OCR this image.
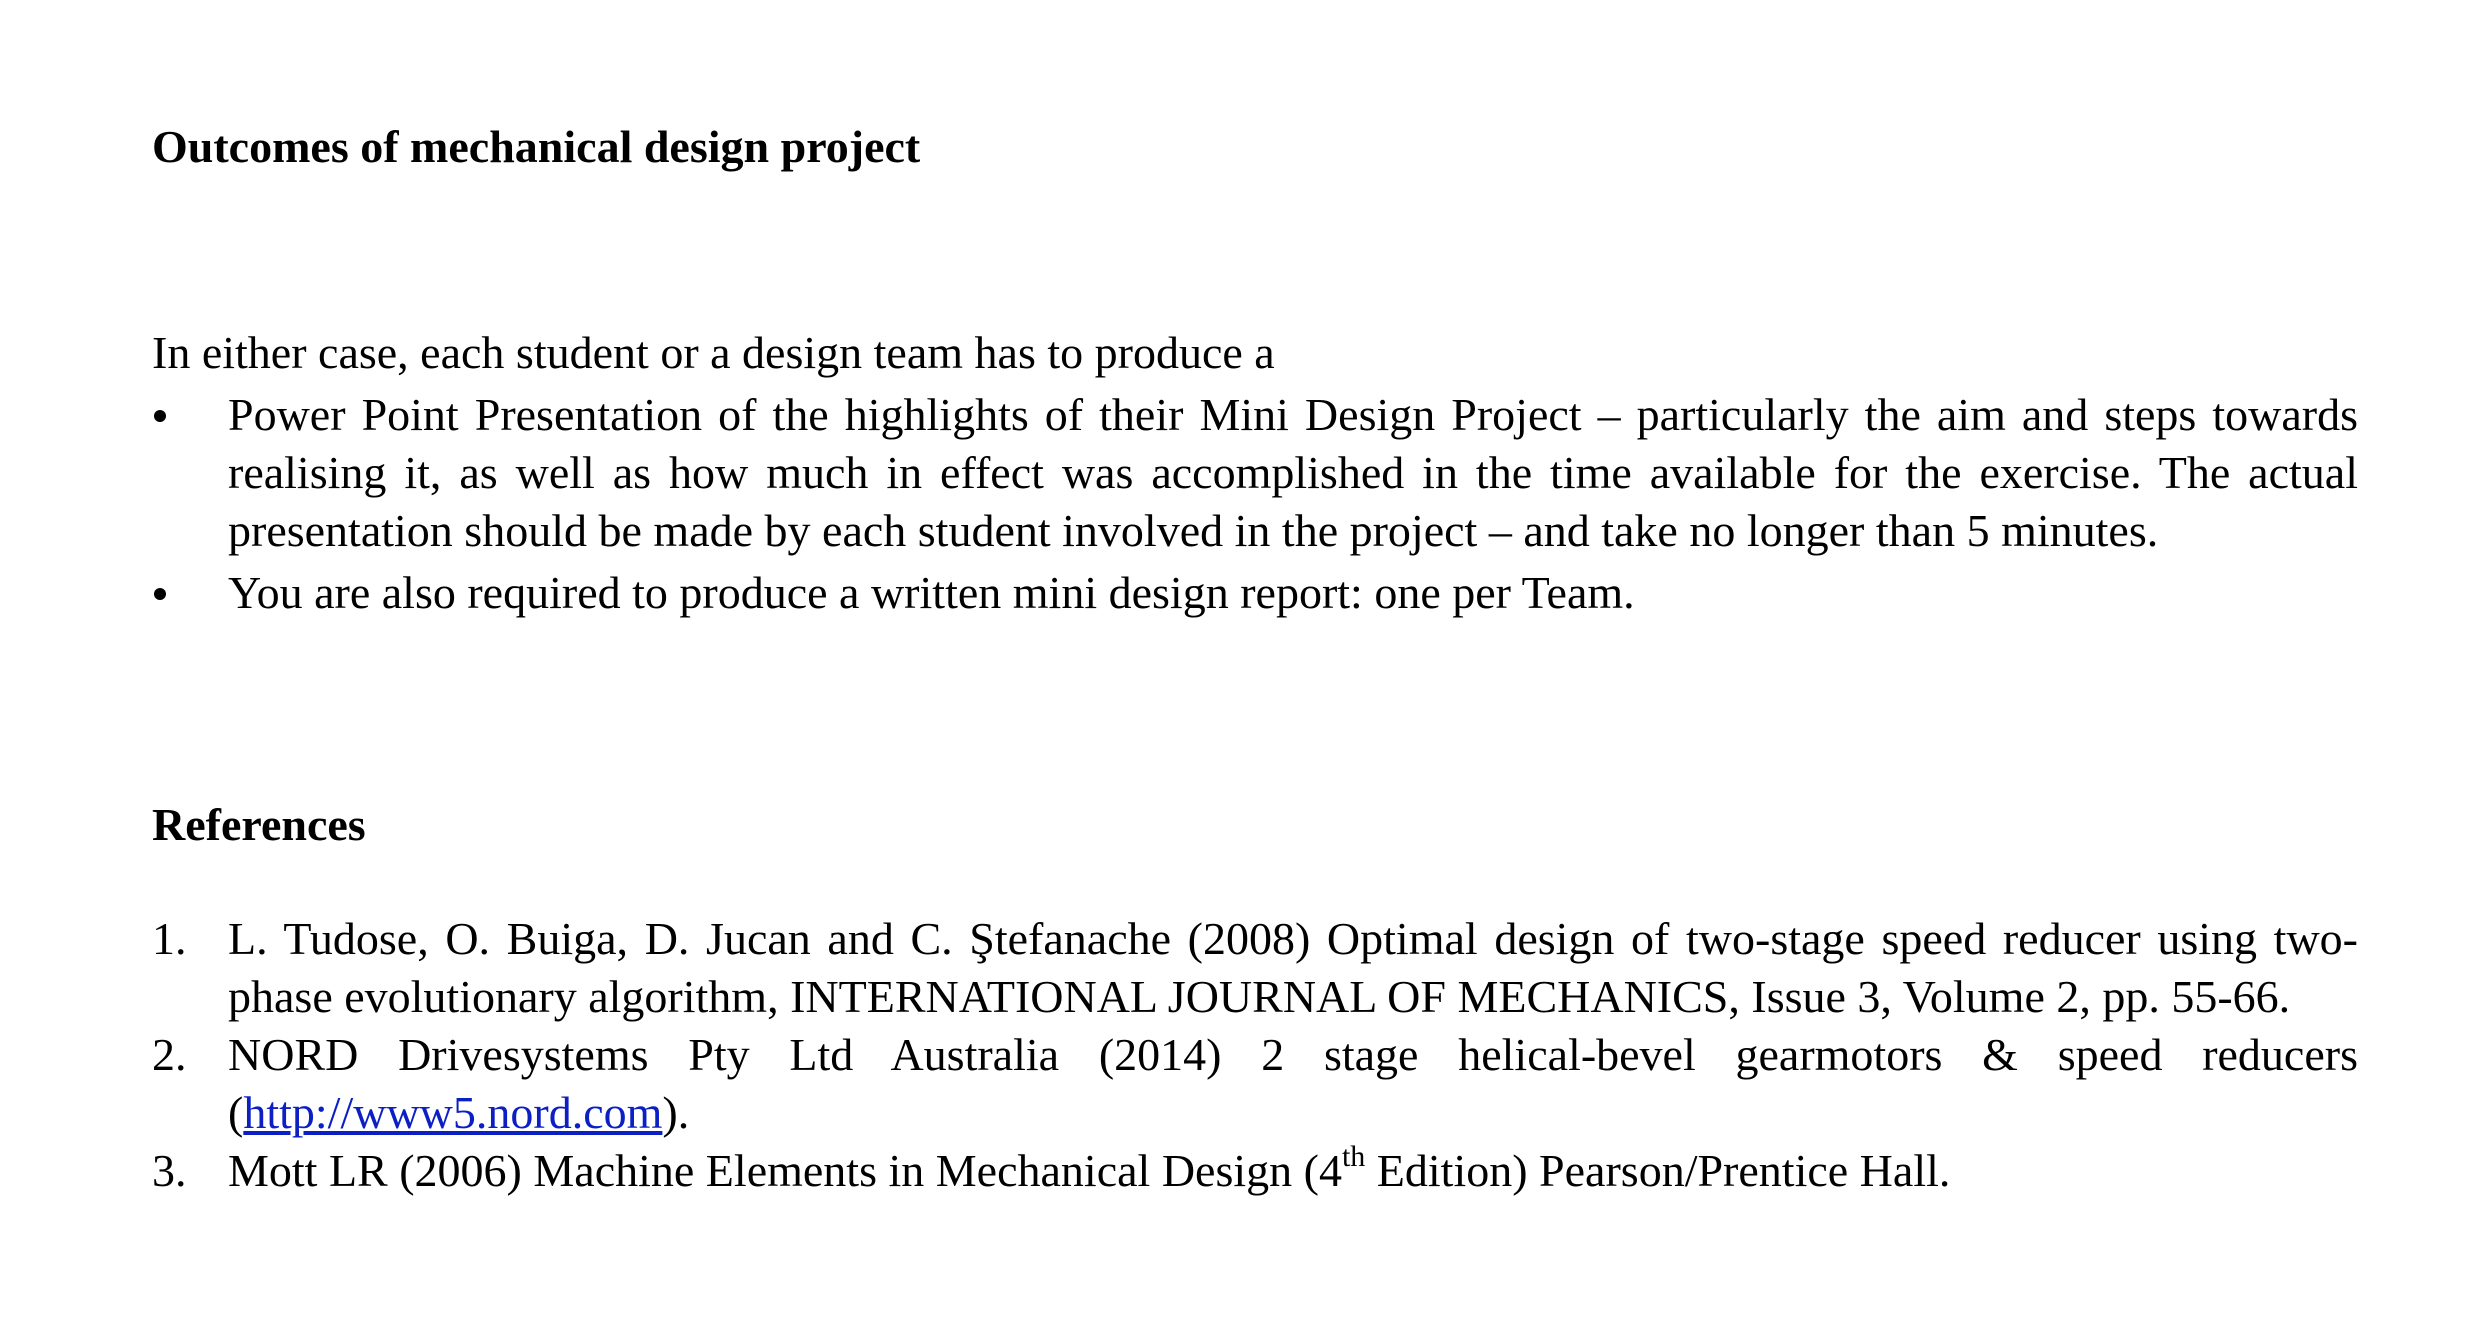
Outcomes of mechanical design project
In either case, each student or a design team has to produce a
Power Point Presentation of the highlights of their Mini Design Project – particularly the aim and steps towards realising it, as well as how much in effect was accomplished in the time available for the exercise. The actual presentation should be made by each student involved in the project – and take no longer than 5 minutes.
You are also required to produce a written mini design report: one per Team.
References
1. L. Tudose, O. Buiga, D. Jucan and C. Ştefanache (2008) Optimal design of two-stage speed reducer using two-phase evolutionary algorithm, INTERNATIONAL JOURNAL OF MECHANICS, Issue 3, Volume 2, pp. 55-66.
2. NORD Drivesystems Pty Ltd Australia (2014) 2 stage helical-bevel gearmotors & speed reducers (http://www5.nord.com).
3. Mott LR (2006) Machine Elements in Mechanical Design (4th Edition) Pearson/Prentice Hall.
